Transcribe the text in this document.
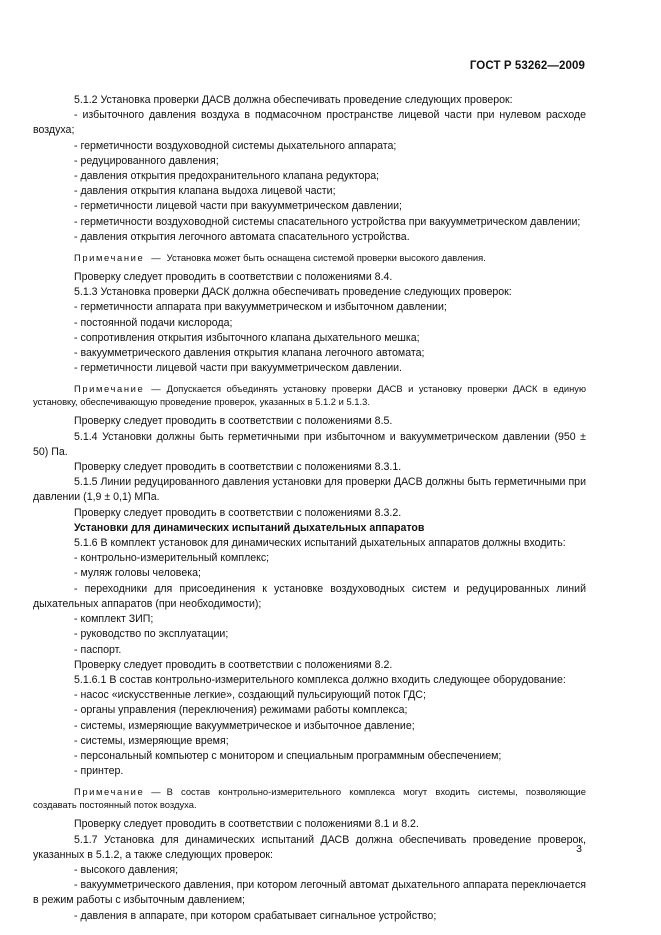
ГОСТ Р 53262—2009
5.1.2 Установка проверки ДАСВ должна обеспечивать проведение следующих проверок:
- избыточного давления воздуха в подмасочном пространстве лицевой части при нулевом расходе воздуха;
- герметичности воздуховодной системы дыхательного аппарата;
- редуцированного давления;
- давления открытия предохранительного клапана редуктора;
- давления открытия клапана выдоха лицевой части;
- герметичности лицевой части при вакуумметрическом давлении;
- герметичности воздуховодной системы спасательного устройства при вакуумметрическом давлении;
- давления открытия легочного автомата спасательного устройства.
Примечание — Установка может быть оснащена системой проверки высокого давления.
Проверку следует проводить в соответствии с положениями 8.4.
5.1.3 Установка проверки ДАСК должна обеспечивать проведение следующих проверок:
- герметичности аппарата при вакуумметрическом и избыточном давлении;
- постоянной подачи кислорода;
- сопротивления открытия избыточного клапана дыхательного мешка;
- вакуумметрического давления открытия клапана легочного автомата;
- герметичности лицевой части при вакуумметрическом давлении.
Примечание — Допускается объединять установку проверки ДАСВ и установку проверки ДАСК в единую установку, обеспечивающую проведение проверок, указанных в 5.1.2 и 5.1.3.
Проверку следует проводить в соответствии с положениями 8.5.
5.1.4 Установки должны быть герметичными при избыточном и вакуумметрическом давлении (950 ± 50) Па.
Проверку следует проводить в соответствии с положениями 8.3.1.
5.1.5 Линии редуцированного давления установки для проверки ДАСВ должны быть герметичными при давлении (1,9 ± 0,1) МПа.
Проверку следует проводить в соответствии с положениями 8.3.2.
Установки для динамических испытаний дыхательных аппаратов
5.1.6 В комплект установок для динамических испытаний дыхательных аппаратов должны входить:
- контрольно-измерительный комплекс;
- муляж головы человека;
- переходники для присоединения к установке воздуховодных систем и редуцированных линий дыхательных аппаратов (при необходимости);
- комплект ЗИП;
- руководство по эксплуатации;
- паспорт.
Проверку следует проводить в соответствии с положениями 8.2.
5.1.6.1 В состав контрольно-измерительного комплекса должно входить следующее оборудование:
- насос «искусственные легкие», создающий пульсирующий поток ГДС;
- органы управления (переключения) режимами работы комплекса;
- системы, измеряющие вакуумметрическое и избыточное давление;
- системы, измеряющие время;
- персональный компьютер с монитором и специальным программным обеспечением;
- принтер.
Примечание — В состав контрольно-измерительного комплекса могут входить системы, позволяющие создавать постоянный поток воздуха.
Проверку следует проводить в соответствии с положениями 8.1 и 8.2.
5.1.7 Установка для динамических испытаний ДАСВ должна обеспечивать проведение проверок, указанных в 5.1.2, а также следующих проверок:
- высокого давления;
- вакуумметрического давления, при котором легочный автомат дыхательного аппарата переключается в режим работы с избыточным давлением;
- давления в аппарате, при котором срабатывает сигнальное устройство;
3
